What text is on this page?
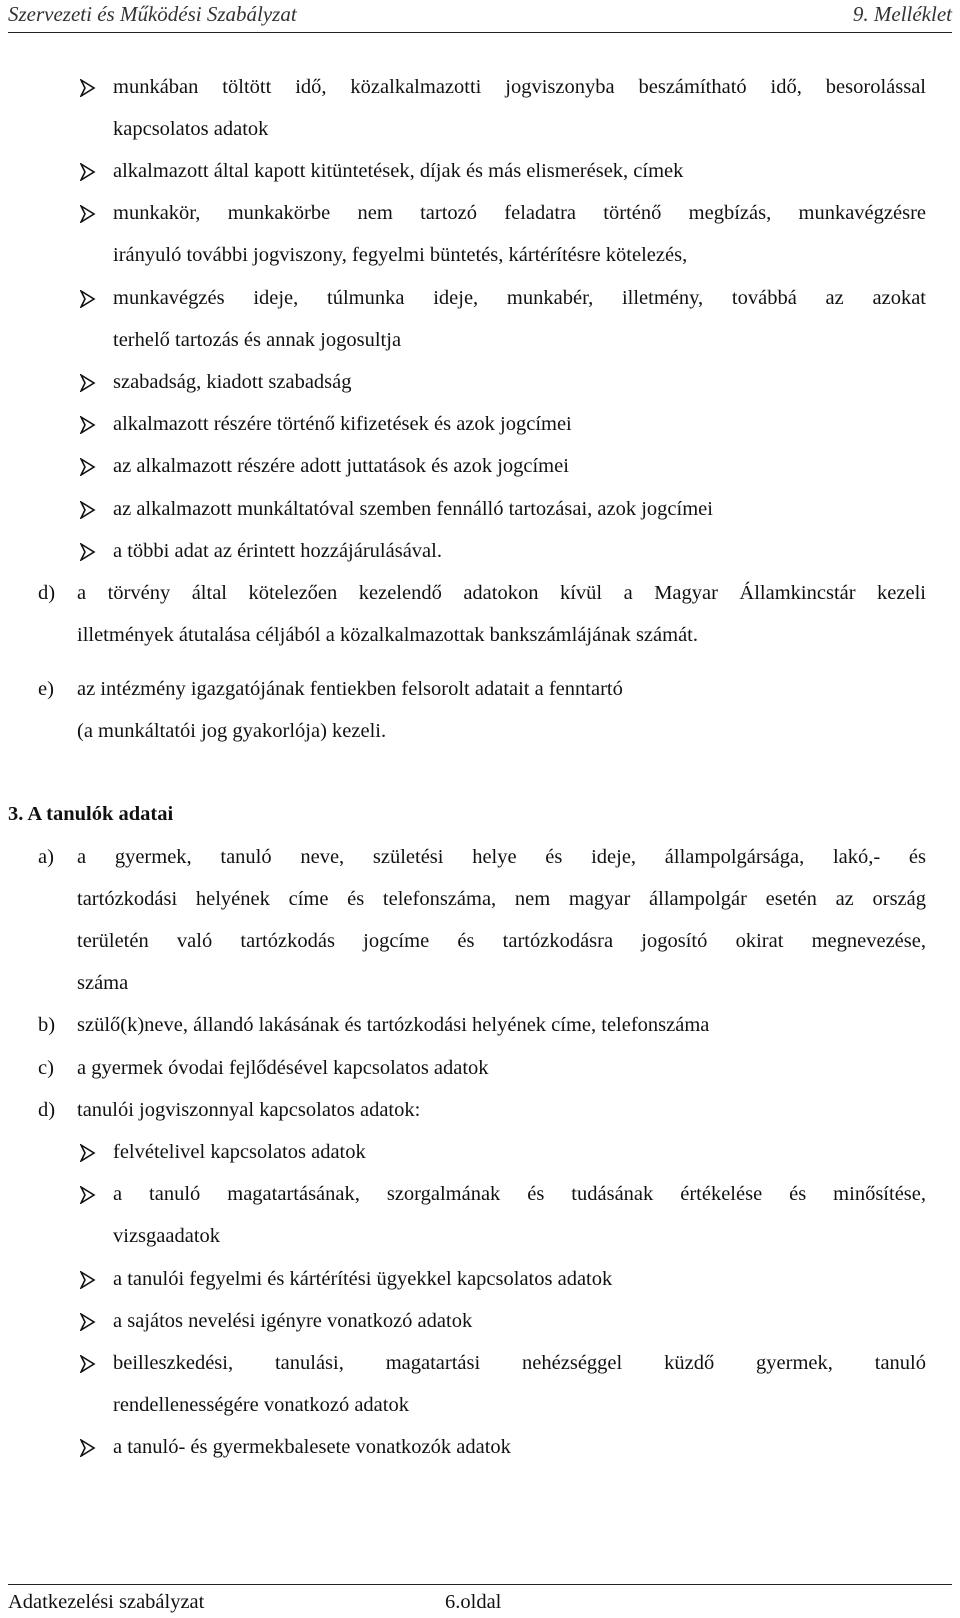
Szervezeti és Működési Szabályzat	9. Melléklet
munkában töltött idő, közalkalmazotti jogviszonyba beszámítható idő, besorolással
kapcsolatos adatok
alkalmazott által kapott kitüntetések, díjak és más elismerések, címek
munkakör, munkakörbe nem tartozó feladatra történő megbízás, munkavégzésre
irányuló további jogviszony, fegyelmi büntetés, kártérítésre kötelezés,
munkavégzés ideje, túlmunka ideje, munkabér, illetmény, továbbá az azokat
terhelő tartozás és annak jogosultja
szabadság, kiadott szabadság
alkalmazott részére történő kifizetések és azok jogcímei
az alkalmazott részére adott juttatások és azok jogcímei
az alkalmazott munkáltatóval szemben fennálló tartozásai, azok jogcímei
a többi adat az érintett hozzájárulásával.
d) a törvény által kötelezően kezelendő adatokon kívül a Magyar Államkincstár kezeli
illetmények átutalása céljából a közalkalmazottak bankszámlájának számát.
e) az intézmény igazgatójának fentiekben felsorolt adatait a fenntartó
(a munkáltatói jog gyakorlója) kezeli.
3. A tanulók adatai
a) a gyermek, tanuló neve, születési helye és ideje, állampolgársága, lakó,- és
tartózkodási helyének címe és telefonszáma, nem magyar állampolgár esetén az ország
területén való tartózkodás jogcíme és tartózkodásra jogosító okirat megnevezése,
száma
b) szülő(k)neve, állandó lakásának és tartózkodási helyének címe, telefonszáma
c) a gyermek óvodai fejlődésével kapcsolatos adatok
d) tanulói jogviszonnyal kapcsolatos adatok:
felvételivel kapcsolatos adatok
a tanuló magatartásának, szorgalmának és tudásának értékelése és minősítése,
vizsgaadatok
a tanulói fegyelmi és kártérítési ügyekkel kapcsolatos adatok
a sajátos nevelési igényre vonatkozó adatok
beilleszkedési, tanulási, magatartási nehézséggel küzdő gyermek, tanuló
rendellenességére vonatkozó adatok
a tanuló- és gyermekbalesete vonatkozók adatok
Adatkezelési szabályzat	6.oldal
